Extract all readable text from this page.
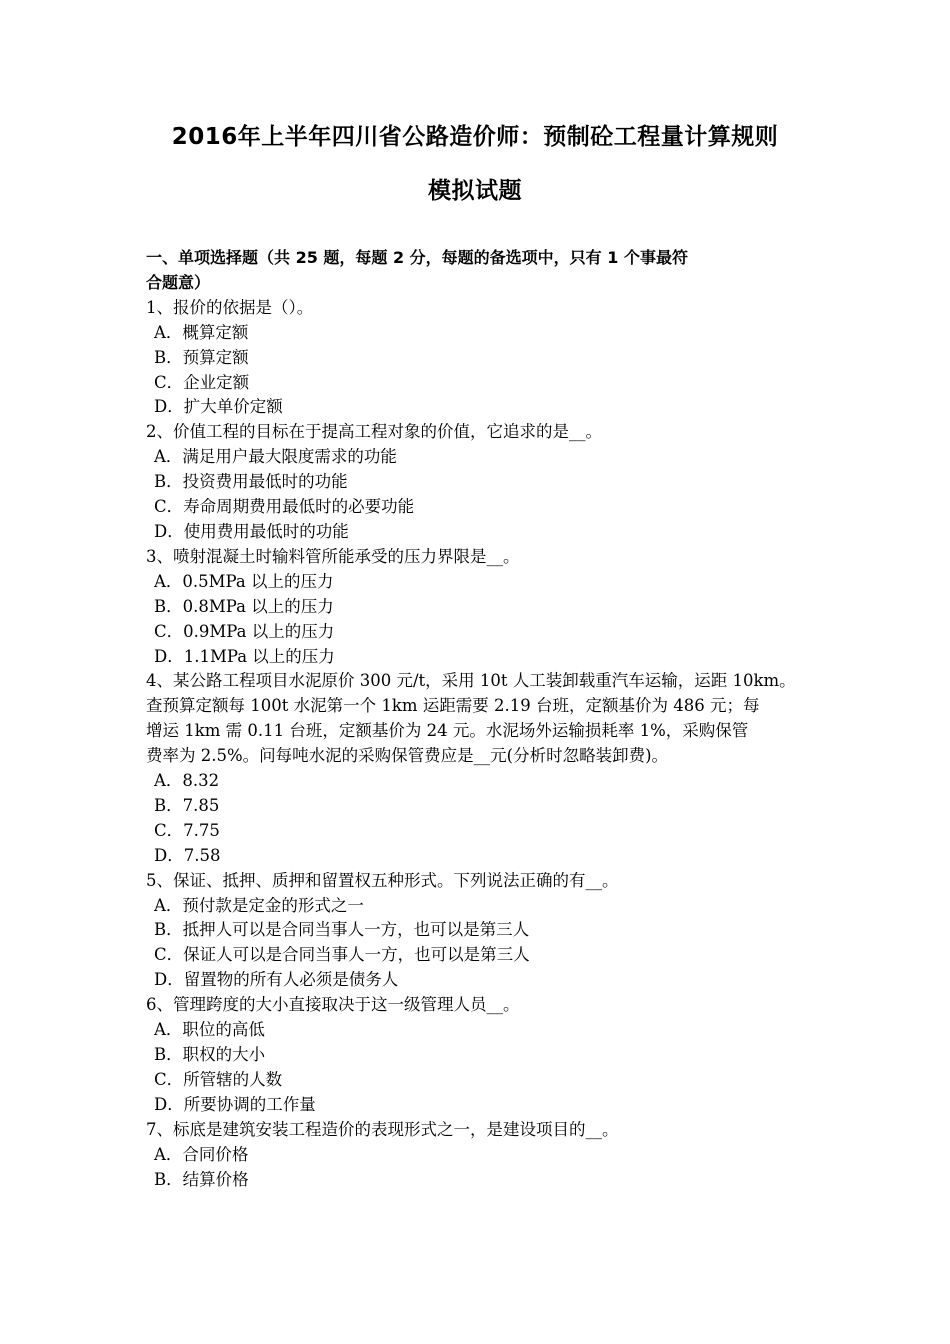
2016年上半年四川省公路造价师：预制砼工程量计算规则
模拟试题
一、单项选择题（共 25 题，每题 2 分，每题的备选项中，只有 1 个事最符
合题意）
1、报价的依据是（）。
A．概算定额
B．预算定额
C．企业定额
D．扩大单价定额
2、价值工程的目标在于提高工程对象的价值，它追求的是__。
A．满足用户最大限度需求的功能
B．投资费用最低时的功能
C．寿命周期费用最低时的必要功能
D．使用费用最低时的功能
3、喷射混凝土时输料管所能承受的压力界限是__。
A．0.5MPa 以上的压力
B．0.8MPa 以上的压力
C．0.9MPa 以上的压力
D．1.1MPa 以上的压力
4、某公路工程项目水泥原价 300 元/t，采用 10t 人工装卸载重汽车运输，运距 10km。
查预算定额每 100t 水泥第一个 1km 运距需要 2.19 台班，定额基价为 486 元；每
增运 1km 需 0.11 台班，定额基价为 24 元。水泥场外运输损耗率 1%，采购保管
费率为 2.5%。问每吨水泥的采购保管费应是__元(分析时忽略装卸费)。
A．8.32
B．7.85
C．7.75
D．7.58
5、保证、抵押、质押和留置权五种形式。下列说法正确的有__。
A．预付款是定金的形式之一
B．抵押人可以是合同当事人一方，也可以是第三人
C．保证人可以是合同当事人一方，也可以是第三人
D．留置物的所有人必须是债务人
6、管理跨度的大小直接取决于这一级管理人员__。
A．职位的高低
B．职权的大小
C．所管辖的人数
D．所要协调的工作量
7、标底是建筑安装工程造价的表现形式之一，是建设项目的__。
A．合同价格
B．结算价格
